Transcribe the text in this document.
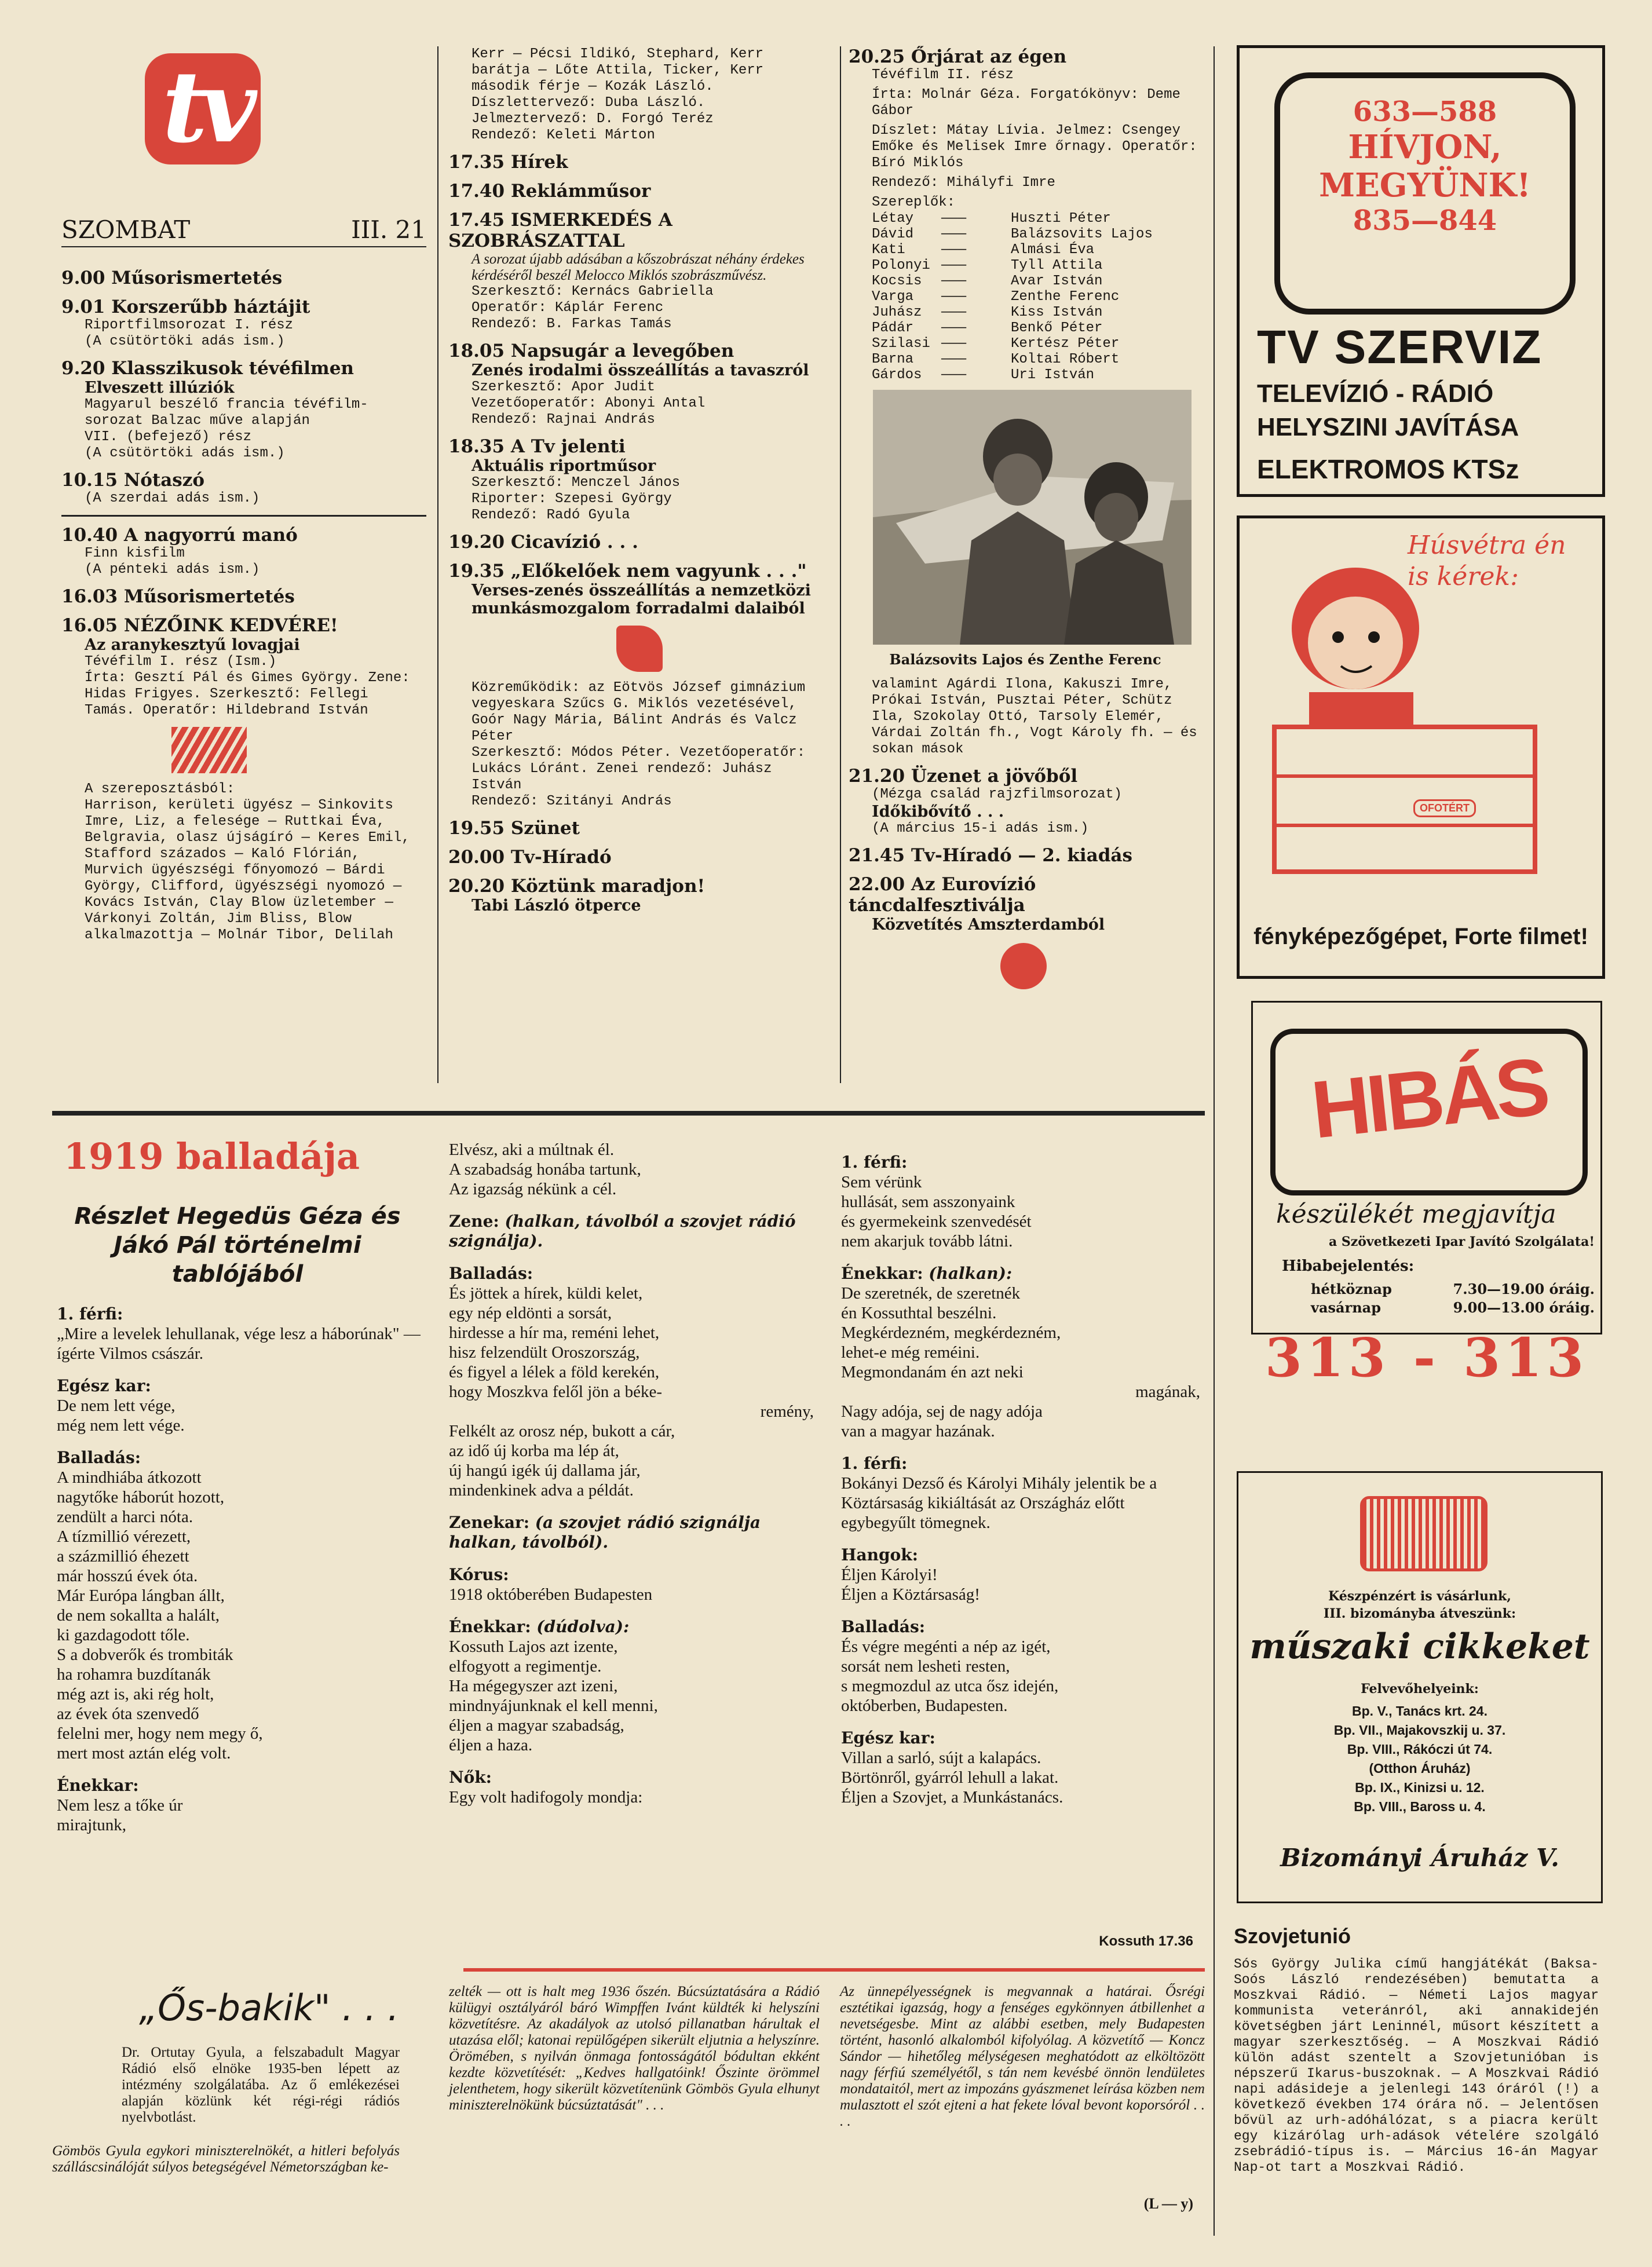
tv
SZOMBAT	III. 21

9.00 Műsorismertetés

9.01 Korszerűbb háztájit

Riportfilmsorozat I. rész

(A csütörtöki adás ism.)

9.20 Klasszikusok tévéfilmen

Elveszett illúziók

Magyarul beszélő francia tévéfilm-sorozat Balzac műve alapján

VII. (befejező) rész

(A csütörtöki adás ism.)

10.15 Nótaszó

(A szerdai adás ism.)

10.40 A nagyorrú manó

Finn kisfilm

(A pénteki adás ism.)

16.03 Műsorismertetés

16.05 NÉZŐINK KEDVÉRE!

Az aranykesztyű lovagjai

Tévéfilm I. rész (Ism.)

Írta: Gesztí Pál és Gimes György. Zene: Hidas Frigyes. Szerkesztő: Fellegi Tamás. Operatőr: Hildebrand István

A szereposztásból:

Harrison, kerületi ügyész — Sinkovits Imre, Liz, a felesége — Ruttkai Éva, Belgravia, olasz újságíró — Keres Emil, Stafford százados — Kaló Flórián, Murvich ügyészségi főnyomozó — Bárdi György, Clifford, ügyészségi nyomozó — Kovács István, Clay Blow üzletember — Várkonyi Zoltán, Jim Bliss, Blow alkalmazottja — Molnár Tibor, Delilah

Kerr — Pécsi Ildikó, Stephard, Kerr barátja — Lőte Attila, Ticker, Kerr második férje — Kozák László. Díszlettervező: Duba László. Jelmeztervező: D. Forgó Teréz

Rendező: Keleti Márton

17.35 Hírek

17.40 Reklámműsor

17.45 ISMERKEDÉS A SZOBRÁSZATTAL

A sorozat újabb adásában a kőszobrászat néhány érdekes kérdéséről beszél Melocco Miklós szobrászművész.

Szerkesztő: Kernács Gabriella

Operatőr: Káplár Ferenc

Rendező: B. Farkas Tamás

18.05 Napsugár a levegőben

Zenés irodalmi összeállítás a tavaszról

Szerkesztő: Apor Judit

Vezetőoperatőr: Abonyi Antal

Rendező: Rajnai András

18.35 A Tv jelenti

Aktuális riportműsor

Szerkesztő: Menczel János

Riporter: Szepesi György

Rendező: Radó Gyula

19.20 Cicavízió . . .

19.35 „Előkelőek nem vagyunk . . ."

Verses-zenés összeállítás a nemzetközi munkásmozgalom forradalmi dalaiból

Közreműködik: az Eötvös József gimnázium vegyeskara Szűcs G. Miklós vezetésével, Goór Nagy Mária, Bálint András és Valcz Péter

Szerkesztő: Módos Péter. Vezetőoperatőr: Lukács Lóránt. Zenei rendező: Juhász István

Rendező: Szitányi András

19.55 Szünet

20.00 Tv-Híradó

20.20 Köztünk maradjon!

Tabi László ötperce

20.25 Őrjárat az égen

Tévéfilm II. rész

Írta: Molnár Géza. Forgatókönyv: Deme Gábor

Díszlet: Mátay Lívia. Jelmez: Csengey Emőke és Melisek Imre őrnagy. Operatőr: Bíró Miklós

Rendező: Mihályfi Imre

Szereplők:

Létay	———	Huszti Péter
Dávid	———	Balázsovits Lajos
Kati	———	Almási Éva
Polonyi ———	Tyll Attila
Kocsis	———	Avar István
Varga	———	Zenthe Ferenc
Juhász	———	Kiss István
Pádár	———	Benkő Péter
Szilasi ———	Kertész Péter
Barna	———	Koltai Róbert
Gárdos	———	Uri István

Balázsovits Lajos és Zenthe Ferenc

valamint Agárdi Ilona, Kakuszi Imre, Prókai István, Pusztai Péter, Schütz Ila, Szokolay Ottó, Tarsoly Elemér, Várdai Zoltán fh., Vogt Károly fh. — és sokan mások

21.20 Üzenet a jövőből

(Mézga család rajzfilmsorozat)

Időkibővítő . . .

(A március 15-i adás ism.)

21.45 Tv-Híradó — 2. kiadás

22.00 Az Eurovízió táncdalfesztiválja

Közvetítés Amszterdamból

633—588
HÍVJON,
MEGYÜNK!
835—844
TV SZERVIZ
TELEVÍZIÓ - RÁDIÓ
HELYSZINI JAVÍTÁSA
ELEKTROMOS KTSz
Húsvétra én is kérek:
OFOTÉRT
fényképezőgépet, Forte filmet!
HIBÁS
készülékét megjavítja
a Szövetkezeti Ipar Javító Szolgálata!
Hibabejelentés:
hétköznap	7.30—19.00 óráig.
vasárnap	9.00—13.00 óráig.
313 - 313
Készpénzért is vásárlunk,
III. bizományba átveszünk:
műszaki cikkeket
Felvevőhelyeink:
Bp. V., Tanács krt. 24.
Bp. VII., Majakovszkij u. 37.
Bp. VIII., Rákóczi út 74.
(Otthon Áruház)
Bp. IX., Kinizsi u. 12.
Bp. VIII., Baross u. 4.
Bizományi Áruház V.
1919 balladája
Részlet Hegedüs Géza és Jákó Pál történelmi tablójából

1. férfi:

„Mire a levelek lehullanak, vége lesz a háborúnak" — ígérte Vilmos császár.

Egész kar:

De nem lett vége,

még nem lett vége.

Balladás:

A mindhiába átkozott

nagytőke háborút hozott,

zendült a harci nóta.

A tízmillió vérezett,

a százmillió éhezett

már hosszú évek óta.

Már Európa lángban állt,

de nem sokallta a halált,

ki gazdagodott tőle.

S a dobverők és trombiták

ha rohamra buzdítanák

még azt is, aki rég holt,

az évek óta szenvedő

felelni mer, hogy nem megy ő,

mert most aztán elég volt.

Énekkar:

Nem lesz a tőke úr

mirajtunk,

Elvész, aki a múltnak él.

A szabadság honába tartunk,

Az igazság nékünk a cél.

Zene: (halkan, távolból a szovjet rádió szignálja).

Balladás:

És jöttek a hírek, küldi kelet,

egy nép eldönti a sorsát,

hirdesse a hír ma, reméni lehet,

hisz felzendült Oroszország,

és figyel a lélek a föld kerekén,

hogy Moszkva felől jön a béke-

remény,

Felkélt az orosz nép, bukott a cár,

az idő új korba ma lép át,

új hangú igék új dallama jár,

mindenkinek adva a példát.

Zenekar: (a szovjet rádió szignálja halkan, távolból).

Kórus:

1918 októberében Budapesten

Énekkar: (dúdolva):

Kossuth Lajos azt izente,

elfogyott a regimentje.

Ha mégegyszer azt izeni,

mindnyájunknak el kell menni,

éljen a magyar szabadság,

éljen a haza.

Nők:

Egy volt hadifogoly mondja:

1. férfi:

Sem vérünk

hullását, sem asszonyaink

és gyermekeink szenvedését

nem akarjuk tovább látni.

Énekkar: (halkan):

De szeretnék, de szeretnék

én Kossuthtal beszélni.

Megkérdezném, megkérdezném,

lehet-e még reméini.

Megmondanám én azt neki

magának,

Nagy adója, sej de nagy adója

van a magyar hazának.

1. férfi:

Bokányi Dezső és Károlyi Mihály jelentik be a Köztársaság kikiáltását az Országház előtt egybegyűlt tömegnek.

Hangok:

Éljen Károlyi!

Éljen a Köztársaság!

Balladás:

És végre megénti a nép az igét,

sorsát nem lesheti resten,

s megmozdul az utca ősz idején,

októberben, Budapesten.

Egész kar:

Villan a sarló, sújt a kalapács.

Börtönről, gyárról lehull a lakat.

Éljen a Szovjet, a Munkástanács.

Kossuth 17.36
„Ős-bakik" . . .
Dr. Ortutay Gyula, a felszabadult Magyar Rádió első elnöke 1935-ben lépett az intézmény szolgálatába. Az ő emlékezései alapján közlünk két régi-régi rádiós nyelvbotlást.
Gömbös Gyula egykori miniszterelnökét, a hitleri befolyás szálláscsinálóját súlyos betegségével Németországban ke-
zelték — ott is halt meg 1936 őszén. Búcsúztatására a Rádió külügyi osztályáról báró Wimpffen Ivánt küldték ki helyszíni közvetítésre. Az akadályok az utolsó pillanatban hárultak el utazása elől; katonai repülőgépen sikerült eljutnia a helyszínre. Örömében, s nyilván önmaga fontosságától bódultan ekként kezdte közvetítését: „Kedves hallgatóink! Őszinte örömmel jelenthetem, hogy sikerült közvetítenünk Gömbös Gyula elhunyt miniszterelnökünk búcsúztatását" . . .
Az ünnepélyességnek is megvannak a határai. Ősrégi esztétikai igazság, hogy a fenséges egykönnyen átbillenhet a nevetségesbe. Mint az alábbi esetben, mely Budapesten történt, hasonló alkalomból kifolyólag. A közvetítő — Koncz Sándor — hihetőleg mélységesen meghatódott az elköltözött nagy férfiú személyétől, s tán nem kevésbé önnön lendületes mondataitól, mert az impozáns gyászmenet leírása közben nem mulasztott el szót ejteni a hat fekete lóval bevont koporsóról . . . .
(L — y)
Szovjetunió
Sós György Julika című hangjátékát (Baksa-Soós László rendezésében) bemutatta a Moszkvai Rádió. — Németi Lajos magyar kommunista veteránról, aki annakidején követségben járt Leninnél, műsort készített a magyar szerkesztőség. — A Moszkvai Rádió külön adást szentelt a Szovjetunióban is népszerű Ikarus-buszoknak. — A Moszkvai Rádió napi adásideje a jelenlegi 143 óráról (!) a következő években 174 órára nő. — Jelentősen bővül az urh-adóhálózat, s a piacra került egy kizárólag urh-adások vételére szolgáló zsebrádió-típus is. — Március 16-án Magyar Nap-ot tart a Moszkvai Rádió.
